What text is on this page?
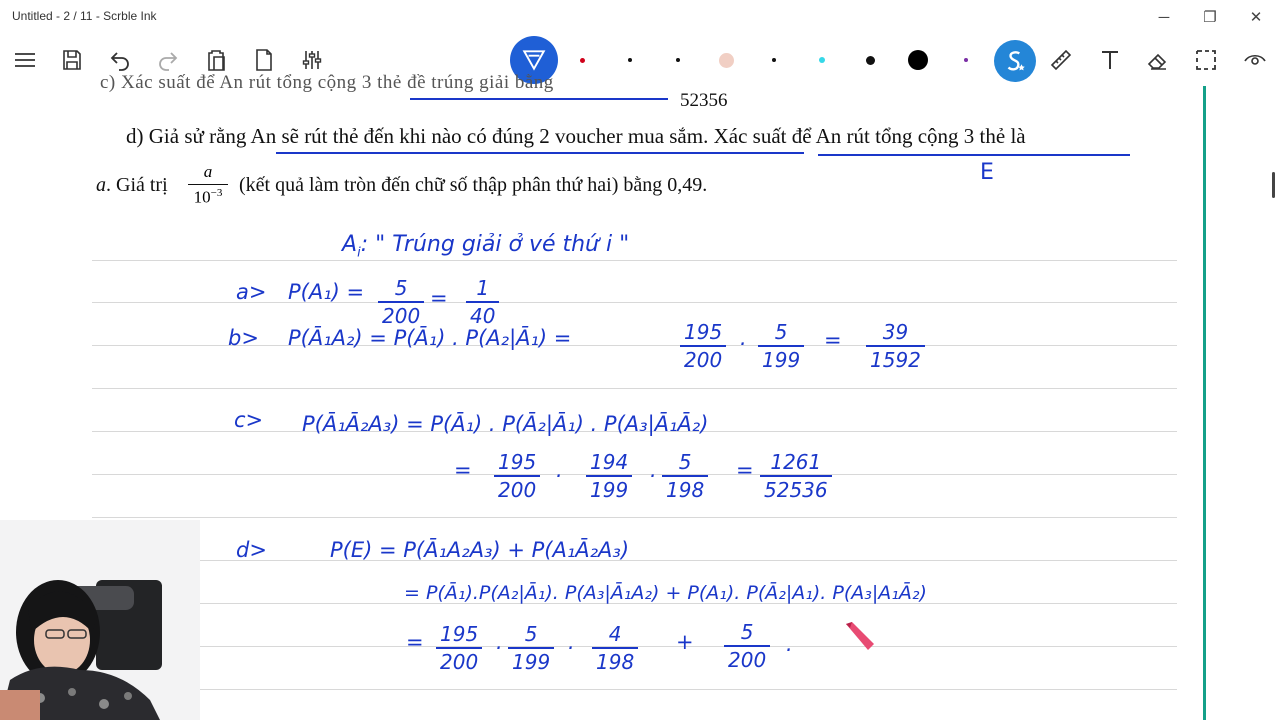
Untitled - 2 / 11 - Scrble Ink	─	❐	✕
c) Xác suất để An rút tổng cộng 3 thẻ đề trúng giải bằng
52356
d) Giả sử rằng An sẽ rút thẻ đến khi nào có đúng 2 voucher mua sắm. Xác suất để An rút tổng cộng 3 thẻ là
E
a. Giá trị
a
$10^{-3}$ (kết quả làm tròn đến chữ số thập phân thứ hai) bằng 0,49.
$A_i$: " Trúng giải ở vé thứ i "
a> P(A₁) = 5
200
= 1
40
b> P(Ā₁A₂) = P(Ā₁) . P(A₂|Ā₁) =	195
200
. 5
199
= 39
1592
c> P(Ā₁Ā₂A₃) = P(Ā₁) . P(Ā₂|Ā₁) . P(A₃|Ā₁Ā₂)
= 195
200
. 194
199
. 5
198
= 1261
52536
d>	P(E) = P(Ā₁A₂A₃) + P(A₁Ā₂A₃)
= P(Ā₁).P(A₂|Ā₁). P(A₃|Ā₁A₂) + P(A₁). P(Ā₂|A₁). P(A₃|A₁Ā₂)
= 195
200
. 5
199
. 4
198
+ 5
200
.
